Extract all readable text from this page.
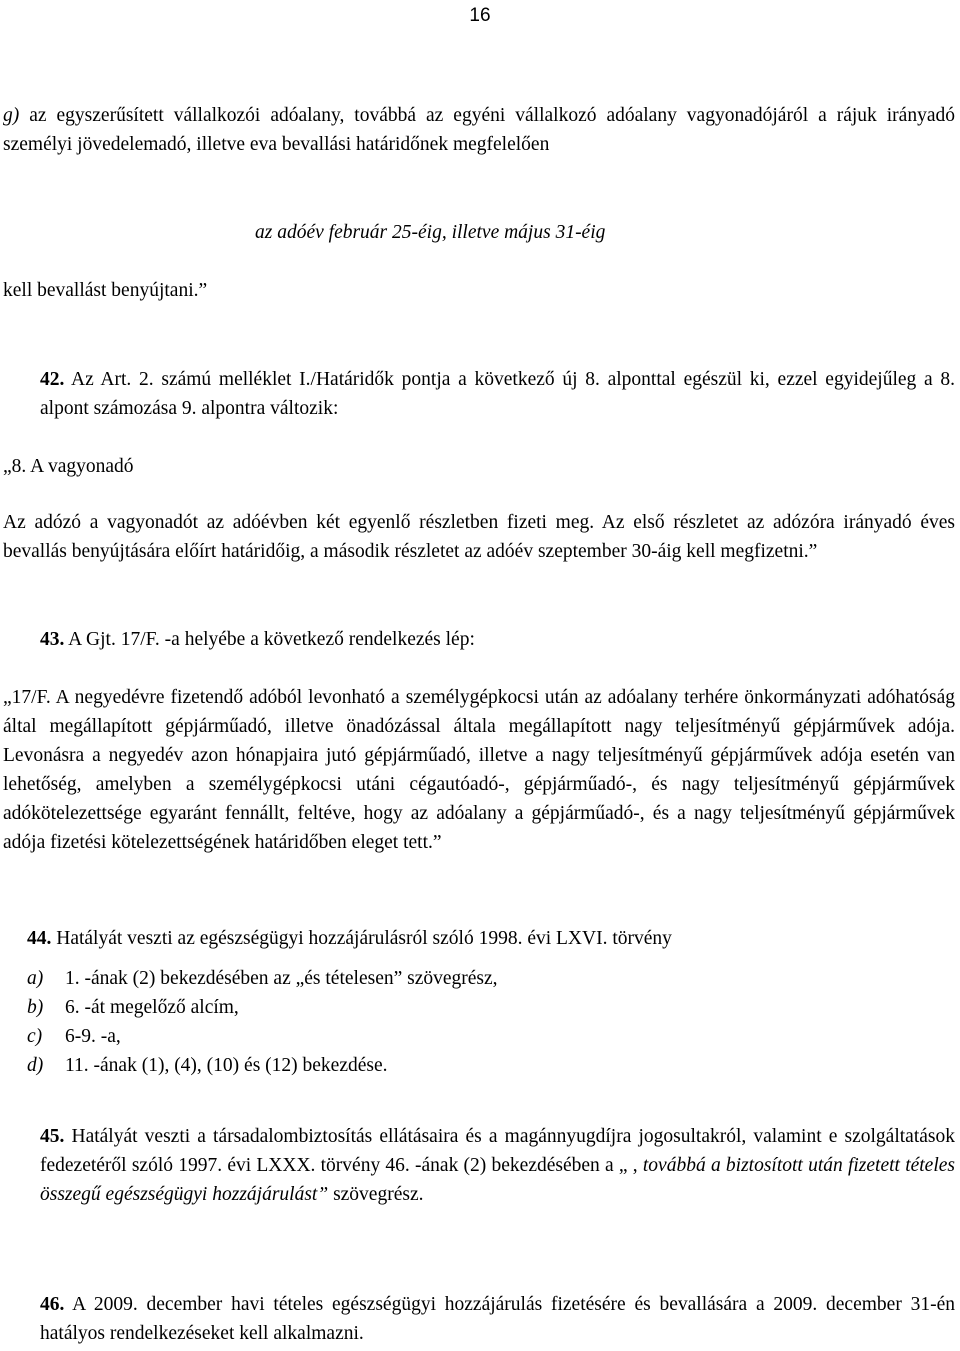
16
g) az egyszerűsített vállalkozói adóalany, továbbá az egyéni vállalkozó adóalany vagyonadójáról a rájuk irányadó személyi jövedelemadó, illetve eva bevallási határidőnek megfelelően
az adóév február 25-éig, illetve május 31-éig
kell bevallást benyújtani.”
42. Az Art. 2. számú melléklet I./Határidők pontja a következő új 8. alponttal egészül ki, ezzel egyidejűleg a 8. alpont számozása 9. alpontra változik:
„8. A vagyonadó
Az adózó a vagyonadót az adóévben két egyenlő részletben fizeti meg. Az első részletet az adózóra irányadó éves bevallás benyújtására előírt határidőig, a második részletet az adóév szeptember 30-áig kell megfizetni.”
43. A Gjt. 17/F. -a helyébe a következő rendelkezés lép:
„17/F. A negyedévre fizetendő adóból levonható a személygépkocsi után az adóalany terhére önkormányzati adóhatóság által megállapított gépjárműadó, illetve önadózással általa megállapított nagy teljesítményű gépjárművek adója. Levonásra a negyedév azon hónapjaira jutó gépjárműadó, illetve a nagy teljesítményű gépjárművek adója esetén van lehetőség, amelyben a személygépkocsi utáni cégautóadó-, gépjárműadó-, és nagy teljesítményű gépjárművek adókötelezettsége egyaránt fennállt, feltéve, hogy az adóalany a gépjárműadó-, és a nagy teljesítményű gépjárművek adója fizetési kötelezettségének határidőben eleget tett.”
44. Hatályát veszti az egészségügyi hozzájárulásról szóló 1998. évi LXVI. törvény
a) 1. -ának (2) bekezdésében az „és tételesen” szövegrész,
b) 6. -át megelőző alcím,
c) 6-9. -a,
d) 11. -ának (1), (4), (10) és (12) bekezdése.
45. Hatályát veszti a társadalombiztosítás ellátásaira és a magánnyugdíjra jogosultakról, valamint e szolgáltatások fedezetéről szóló 1997. évi LXXX. törvény 46. -ának (2) bekezdésében a „ , továbbá a biztosított után fizetett tételes összegű egészségügyi hozzájárulást” szövegrész.
46. A 2009. december havi tételes egészségügyi hozzájárulás fizetésére és bevallására a 2009. december 31-én hatályos rendelkezéseket kell alkalmazni.
